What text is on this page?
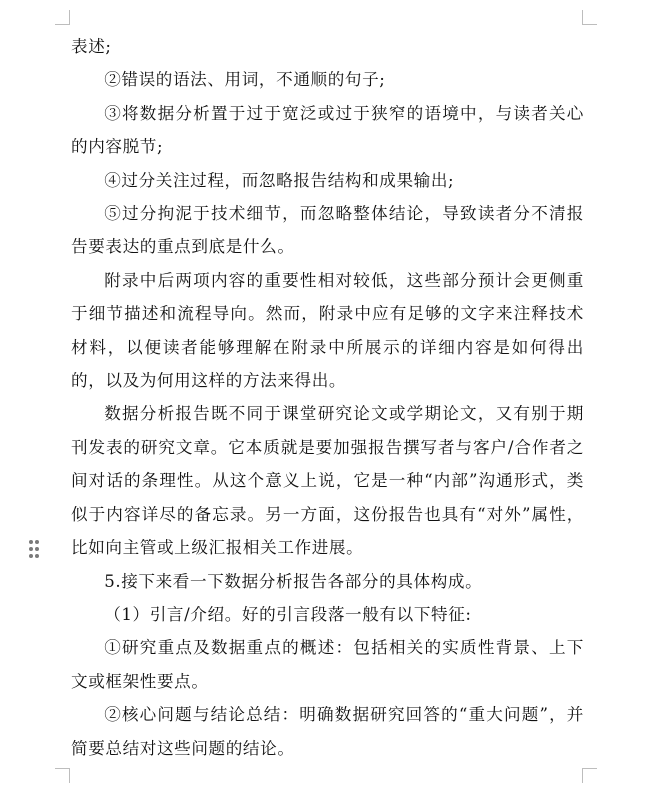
表述;

②错误的语法、用词，不通顺的句子;

③将数据分析置于过于宽泛或过于狭窄的语境中，与读者关心的内容脱节;

④过分关注过程，而忽略报告结构和成果输出;

⑤过分拘泥于技术细节，而忽略整体结论，导致读者分不清报告要表达的重点到底是什么。

附录中后两项内容的重要性相对较低，这些部分预计会更侧重于细节描述和流程导向。然而，附录中应有足够的文字来注释技术材料，以便读者能够理解在附录中所展示的详细内容是如何得出的，以及为何用这样的方法来得出。

数据分析报告既不同于课堂研究论文或学期论文，又有别于期刊发表的研究文章。它本质就是要加强报告撰写者与客户/合作者之间对话的条理性。从这个意义上说，它是一种“内部”沟通形式，类似于内容详尽的备忘录。另一方面，这份报告也具有“对外”属性，比如向主管或上级汇报相关工作进展。

5.接下来看一下数据分析报告各部分的具体构成。

（1）引言/介绍。好的引言段落一般有以下特征:

①研究重点及数据重点的概述：包括相关的实质性背景、上下文或框架性要点。

②核心问题与结论总结：明确数据研究回答的“重大问题”，并简要总结对这些问题的结论。
